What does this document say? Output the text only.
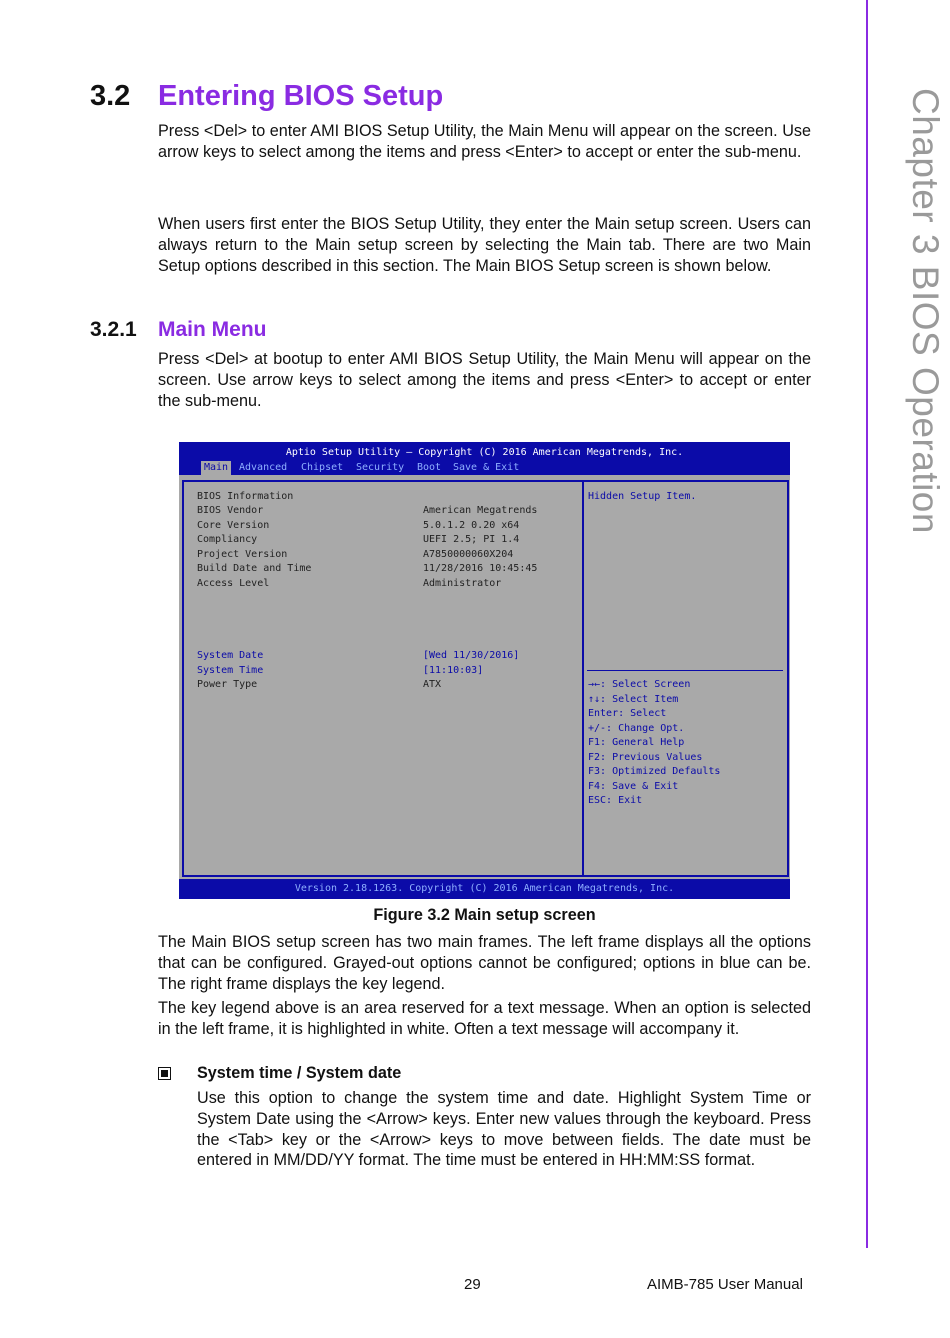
Chapter 3 BIOS Operation
3.2 Entering BIOS Setup

Press <Del> to enter AMI BIOS Setup Utility, the Main Menu will appear on the screen. Use arrow keys to select among the items and press <Enter> to accept or enter the sub-menu.

When users first enter the BIOS Setup Utility, they enter the Main setup screen. Users can always return to the Main setup screen by selecting the Main tab. There are two Main Setup options described in this section. The Main BIOS Setup screen is shown below.

3.2.1 Main Menu

Press <Del> at bootup to enter AMI BIOS Setup Utility, the Main Menu will appear on the screen. Use arrow keys to select among the items and press <Enter> to accept or enter the sub-menu.

Aptio Setup Utility – Copyright (C) 2016 American Megatrends, Inc.
Main	Advanced Chipset Security Boot Save & Exit
BIOS Information
BIOS Vendor	American Megatrends
Core Version	5.0.1.2 0.20 x64
Compliancy	UEFI 2.5; PI 1.4
Project Version	A7850000060X204
Build Date and Time	11/28/2016 10:45:45
Access Level	Administrator
System Date	[Wed 11/30/2016]
System Time	[11:10:03]
Power Type	ATX
Hidden Setup Item.
→←: Select Screen
↑↓: Select Item
Enter: Select
+/-: Change Opt.
F1: General Help
F2: Previous Values
F3: Optimized Defaults
F4: Save & Exit
ESC: Exit
Version 2.18.1263. Copyright (C) 2016 American Megatrends, Inc.
Figure 3.2 Main setup screen

The Main BIOS setup screen has two main frames. The left frame displays all the options that can be configured. Grayed-out options cannot be configured; options in blue can be. The right frame displays the key legend.

The key legend above is an area reserved for a text message. When an option is selected in the left frame, it is highlighted in white. Often a text message will accompany it.

System time / System date

Use this option to change the system time and date. Highlight System Time or System Date using the <Arrow> keys. Enter new values through the keyboard. Press the <Tab> key or the <Arrow> keys to move between fields. The date must be entered in MM/DD/YY format. The time must be entered in HH:MM:SS format.

29	AIMB-785 User Manual
